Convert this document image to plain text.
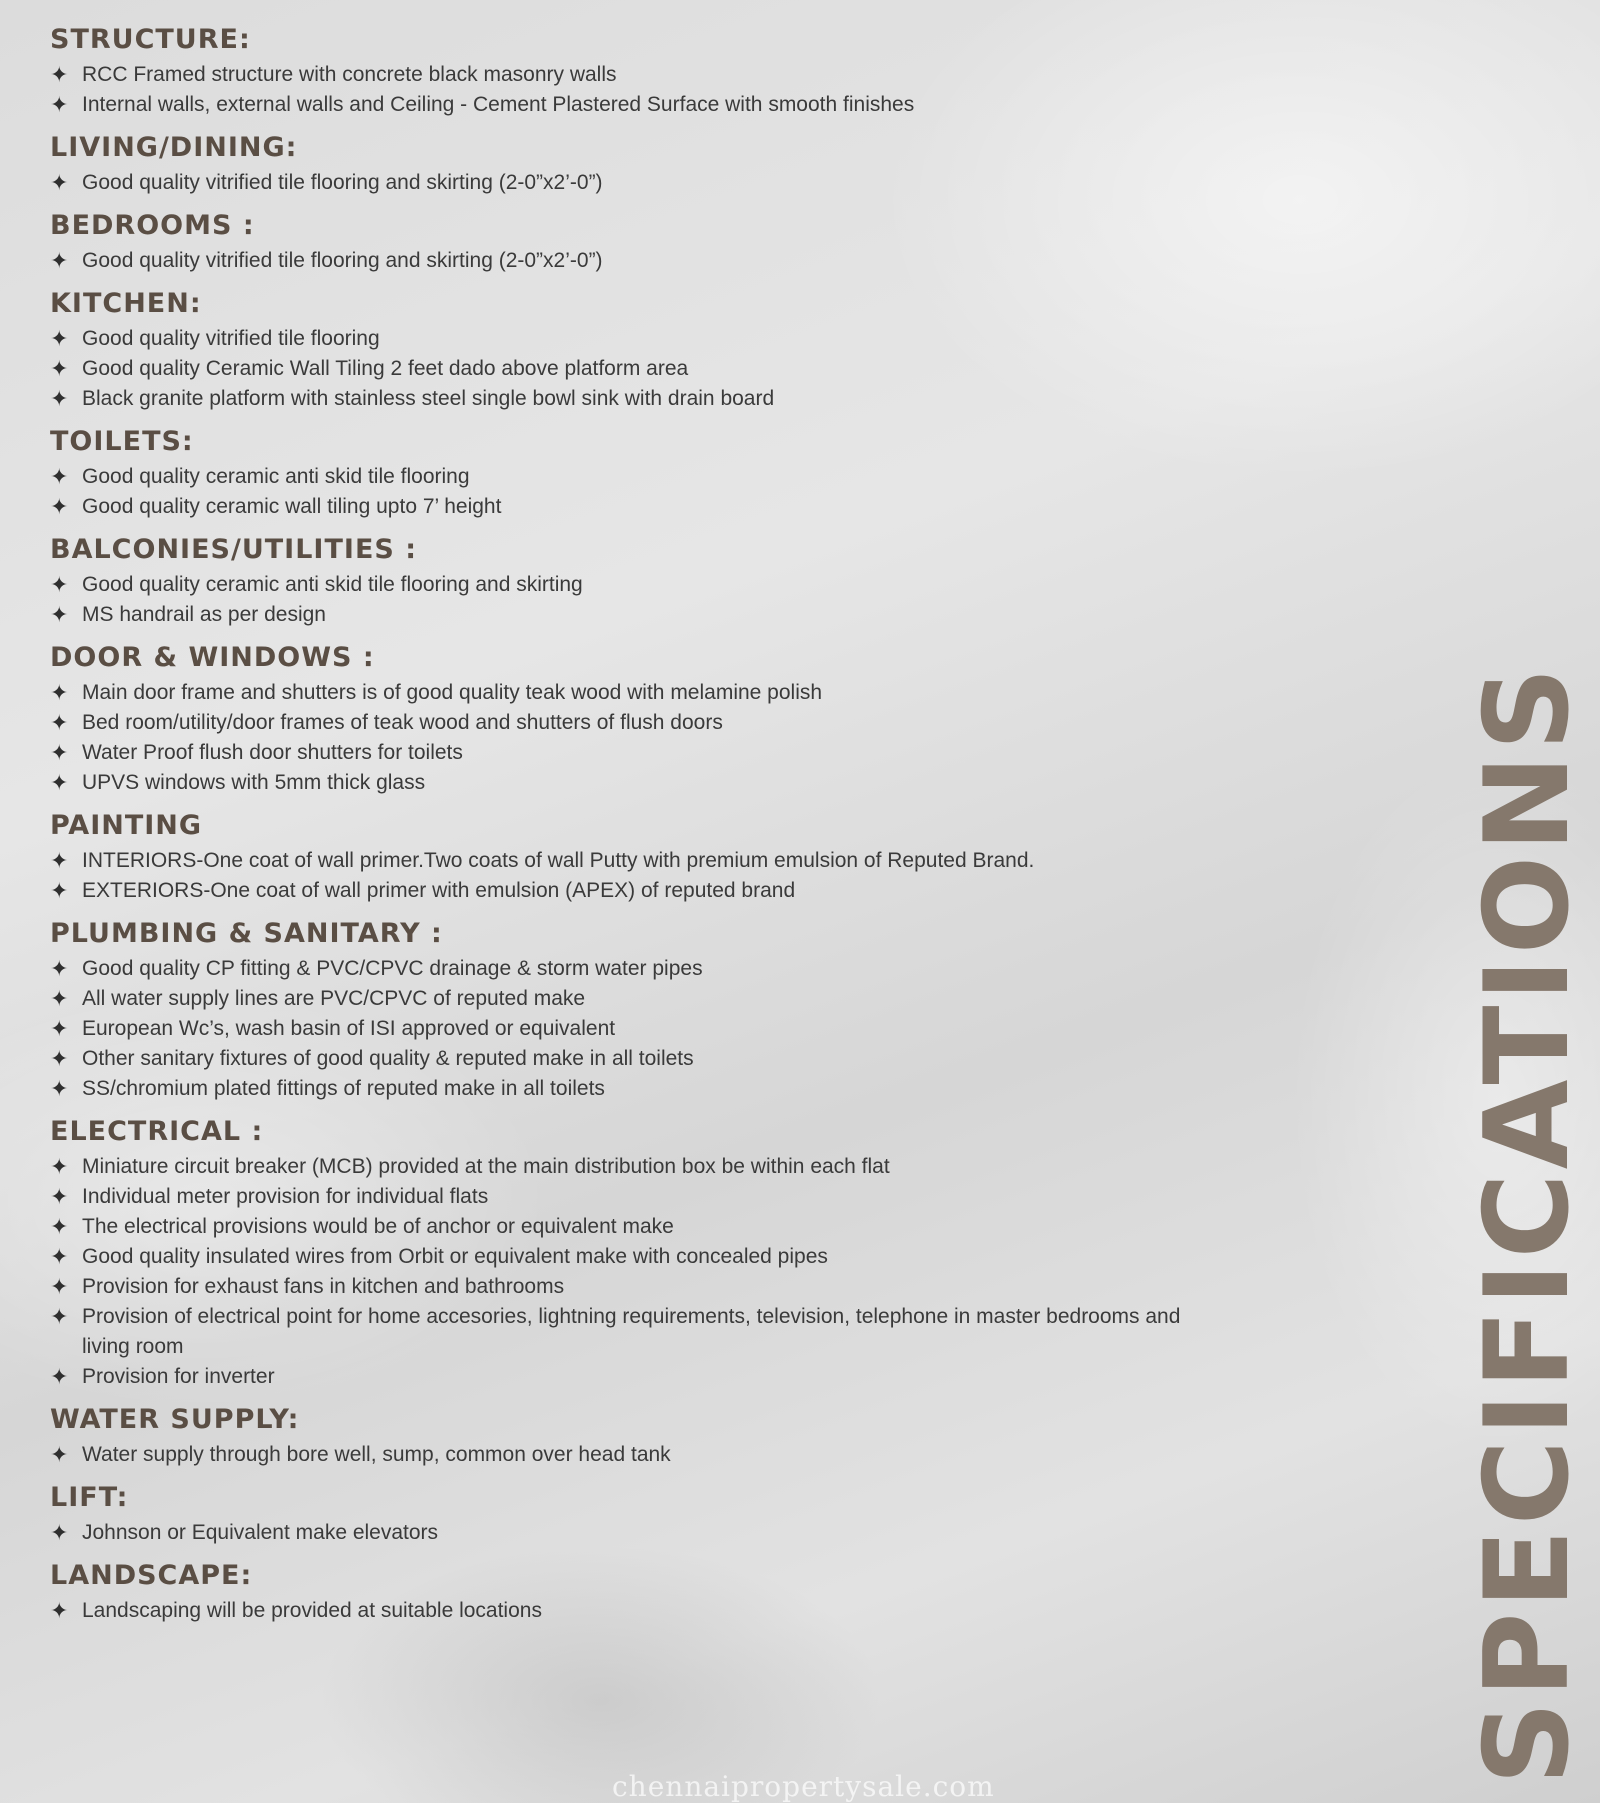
STRUCTURE:
✦ RCC Framed structure with concrete black masonry walls
✦ Internal walls, external walls and Ceiling - Cement Plastered Surface with smooth finishes
LIVING/DINING:
✦ Good quality vitrified tile flooring and skirting (2-0”x2’-0”)
BEDROOMS :
✦ Good quality vitrified tile flooring and skirting (2-0”x2’-0”)
KITCHEN:
✦ Good quality vitrified tile flooring
✦ Good quality Ceramic Wall Tiling 2 feet dado above platform area
✦ Black granite platform with stainless steel single bowl sink with drain board
TOILETS:
✦ Good quality ceramic anti skid tile flooring
✦ Good quality ceramic wall tiling upto 7’ height
BALCONIES/UTILITIES :
✦ Good quality ceramic anti skid tile flooring and skirting
✦ MS handrail as per design
DOOR & WINDOWS :
✦ Main door frame and shutters is of good quality teak wood with melamine polish
✦ Bed room/utility/door frames of teak wood and shutters of flush doors
✦ Water Proof flush door shutters for toilets
✦ UPVS windows with 5mm thick glass
PAINTING
✦ INTERIORS-One coat of wall primer.Two coats of wall Putty with premium emulsion of Reputed Brand.
✦ EXTERIORS-One coat of wall primer with emulsion (APEX) of reputed brand
PLUMBING & SANITARY :
✦ Good quality CP fitting & PVC/CPVC drainage & storm water pipes
✦ All water supply lines are PVC/CPVC of reputed make
✦ European Wc’s, wash basin of ISI approved or equivalent
✦ Other sanitary fixtures of good quality & reputed make in all toilets
✦ SS/chromium plated fittings of reputed make in all toilets
ELECTRICAL :
✦ Miniature circuit breaker (MCB) provided at the main distribution box be within each flat
✦ Individual meter provision for individual flats
✦ The electrical provisions would be of anchor or equivalent make
✦ Good quality insulated wires from Orbit or equivalent make with concealed pipes
✦ Provision for exhaust fans in kitchen and bathrooms
✦ Provision of electrical point for home accesories, lightning requirements, television, telephone in master bedrooms and living room
✦ Provision for inverter
WATER SUPPLY:
✦ Water supply through bore well, sump, common over head tank
LIFT:
✦ Johnson or Equivalent make elevators
LANDSCAPE:
✦ Landscaping will be provided at suitable locations	SPECIFICATIONS
chennaipropertysale.com
